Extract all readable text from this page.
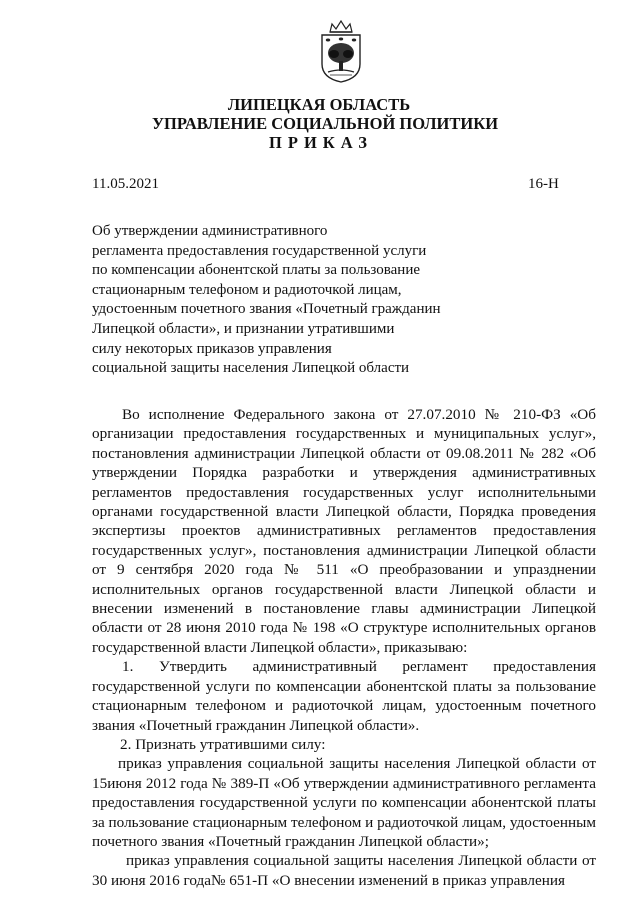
ЛИПЕЦКАЯ ОБЛАСТЬ
УПРАВЛЕНИЕ СОЦИАЛЬНОЙ ПОЛИТИКИ
ПРИКАЗ
11.05.2021	16-Н
Об утверждении административного
регламента предоставления государственной услуги
по компенсации абонентской платы за пользование
стационарным телефоном и радиоточкой лицам,
удостоенным почетного звания «Почетный гражданин
Липецкой области», и признании утратившими
силу некоторых приказов управления
социальной защиты населения Липецкой области

Во исполнение Федерального закона от 27.07.2010 № 210-ФЗ «Об организации предоставления государственных и муниципальных услуг», постановления администрации Липецкой области от 09.08.2011 № 282 «Об утверждении Порядка разработки и утверждения административных регламентов предоставления государственных услуг исполнительными органами государственной власти Липецкой области, Порядка проведения экспертизы проектов административных регламентов предоставления государственных услуг», постановления администрации Липецкой области от 9 сентября 2020 года № 511 «О преобразовании и упразднении исполнительных органов государственной власти Липецкой области и внесении изменений в постановление главы администрации Липецкой области от 28 июня 2010 года № 198 «О структуре исполнительных органов государственной власти Липецкой области», приказываю:

1. Утвердить административный регламент предоставления государственной услуги по компенсации абонентской платы за пользование стационарным телефоном и радиоточкой лицам, удостоенным почетного звания «Почетный гражданин Липецкой области».

2. Признать утратившими силу:

приказ управления социальной защиты населения Липецкой области от 15июня 2012 года № 389-П «Об утверждении административного регламента предоставления государственной услуги по компенсации абонентской платы за пользование стационарным телефоном и радиоточкой лицам, удостоенным почетного звания «Почетный гражданин Липецкой области»;

приказ управления социальной защиты населения Липецкой области от 30 июня 2016 года№ 651-П «О внесении изменений в приказ управления
